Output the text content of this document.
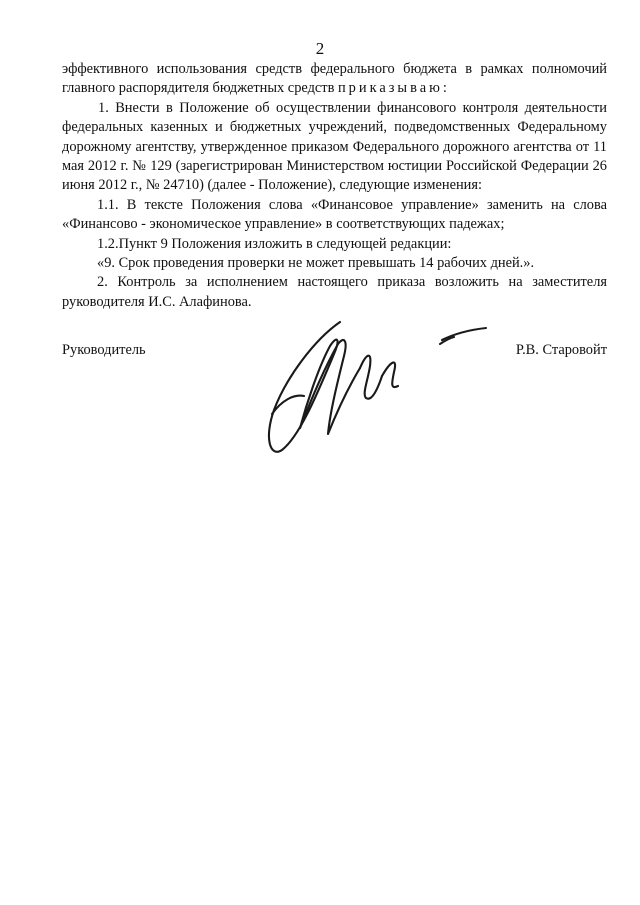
2

эффективного использования средств федерального бюджета в рамках полномочий главного распорядителя бюджетных средств приказываю:

1. Внести в Положение об осуществлении финансового контроля деятельности федеральных казенных и бюджетных учреждений, подведомственных Федеральному дорожному агентству, утвержденное приказом Федерального дорожного агентства от 11 мая 2012 г. № 129 (зарегистрирован Министерством юстиции Российской Федерации 26 июня 2012 г., № 24710) (далее - Положение), следующие изменения:

1.1. В тексте Положения слова «Финансовое управление» заменить на слова «Финансово - экономическое управление» в соответствующих падежах;

1.2.Пункт 9 Положения изложить в следующей редакции:

«9. Срок проведения проверки не может превышать 14 рабочих дней.».

2. Контроль за исполнением настоящего приказа возложить на заместителя руководителя И.С. Алафинова.

Руководитель	Р.В. Старовойт
